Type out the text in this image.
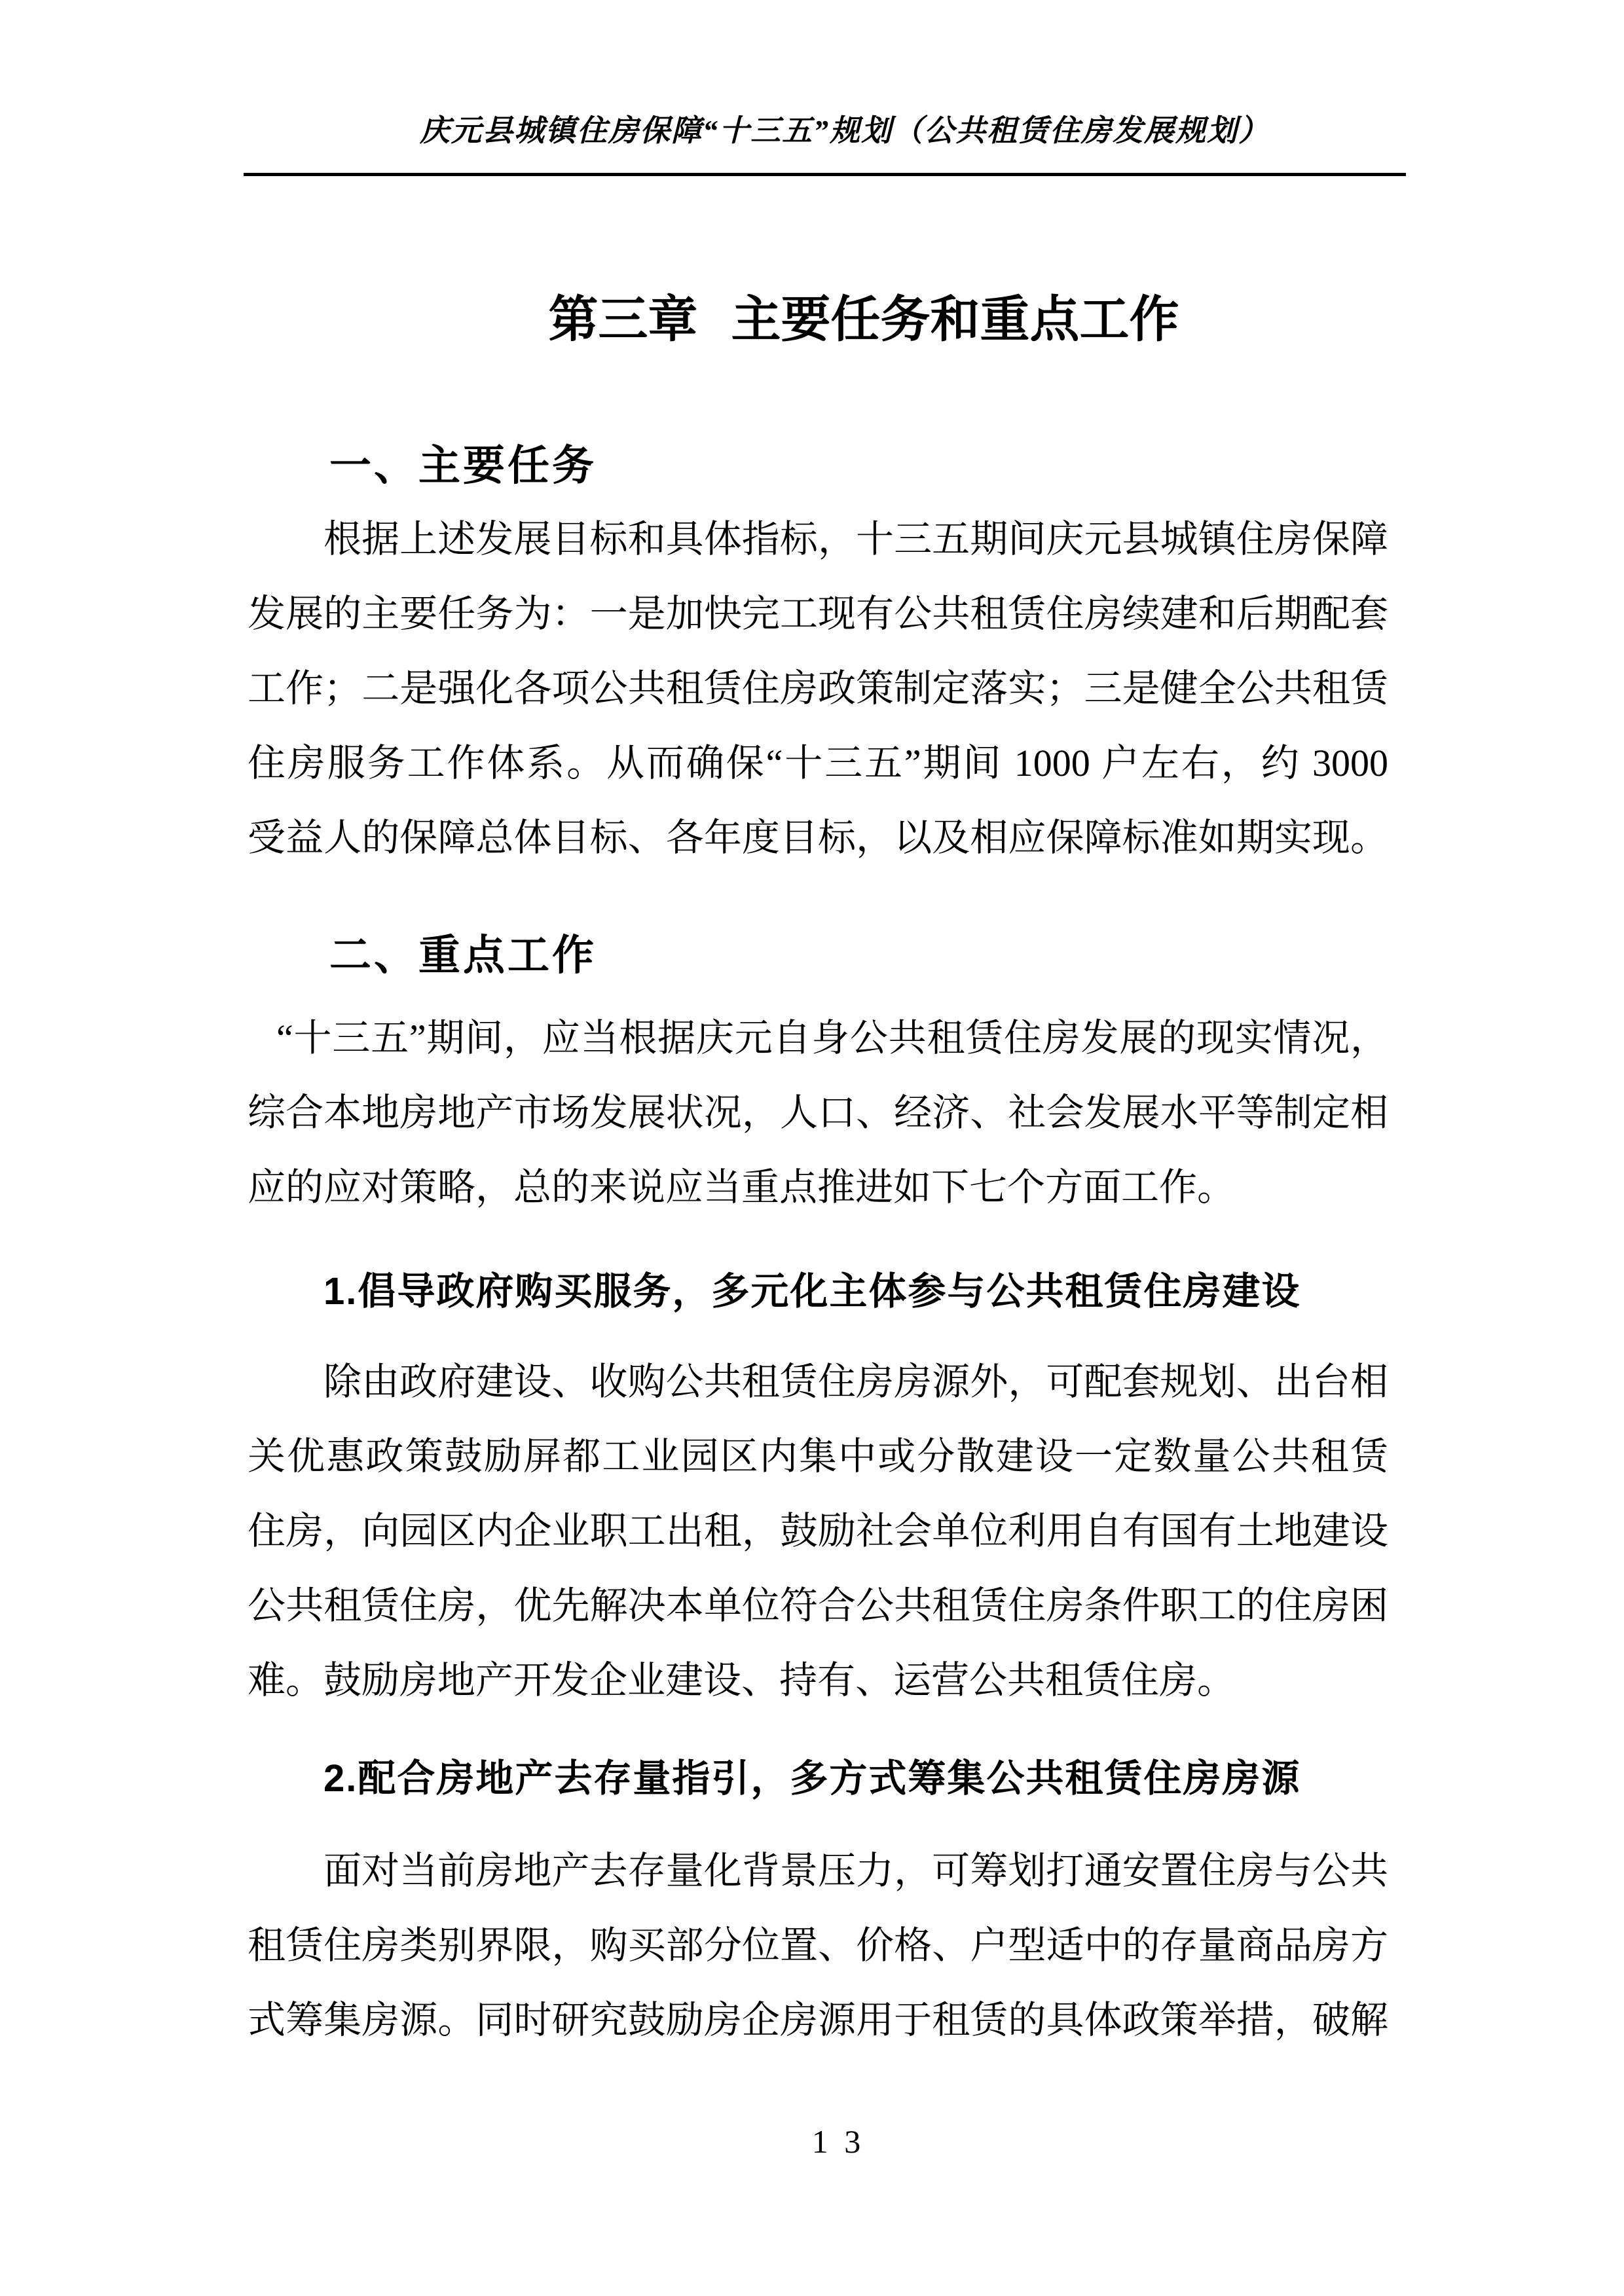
庆元县城镇住房保障“十三五”规划（公共租赁住房发展规划）
第三章 主要任务和重点工作
一、主要任务
根据上述发展目标和具体指标，十三五期间庆元县城镇住房保障
发展的主要任务为：一是加快完工现有公共租赁住房续建和后期配套
工作；二是强化各项公共租赁住房政策制定落实；三是健全公共租赁
住房服务工作体系。从而确保“十三五”期间 1000 户左右，约 3000
受益人的保障总体目标、各年度目标，以及相应保障标准如期实现。
二、重点工作
“十三五”期间，应当根据庆元自身公共租赁住房发展的现实情况，
综合本地房地产市场发展状况，人口、经济、社会发展水平等制定相
应的应对策略，总的来说应当重点推进如下七个方面工作。
1.倡导政府购买服务，多元化主体参与公共租赁住房建设
除由政府建设、收购公共租赁住房房源外，可配套规划、出台相
关优惠政策鼓励屏都工业园区内集中或分散建设一定数量公共租赁
住房，向园区内企业职工出租，鼓励社会单位利用自有国有土地建设
公共租赁住房，优先解决本单位符合公共租赁住房条件职工的住房困
难。鼓励房地产开发企业建设、持有、运营公共租赁住房。
2.配合房地产去存量指引，多方式筹集公共租赁住房房源
面对当前房地产去存量化背景压力，可筹划打通安置住房与公共
租赁住房类别界限，购买部分位置、价格、户型适中的存量商品房方
式筹集房源。同时研究鼓励房企房源用于租赁的具体政策举措，破解
1 3
